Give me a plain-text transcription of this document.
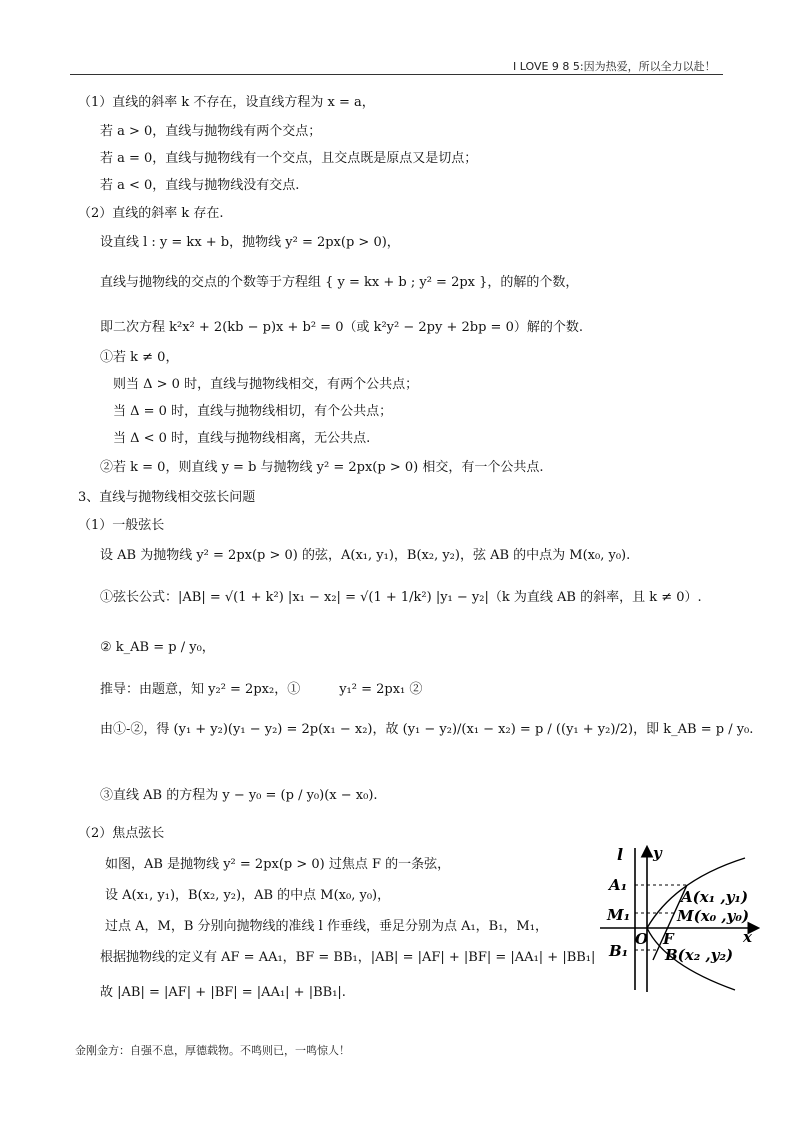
I LOVE 9 8 5:因为热爱，所以全力以赴！
（1）直线的斜率 k 不存在，设直线方程为 x = a，
若 a > 0，直线与抛物线有两个交点；
若 a = 0，直线与抛物线有一个交点，且交点既是原点又是切点；
若 a < 0，直线与抛物线没有交点.
（2）直线的斜率 k 存在.
设直线 l : y = kx + b，抛物线 y² = 2px(p > 0)，
直线与抛物线的交点的个数等于方程组 { y = kx + b ; y² = 2px }，的解的个数，
即二次方程 k²x² + 2(kb − p)x + b² = 0（或 k²y² − 2py + 2bp = 0）解的个数.
①若 k ≠ 0，
则当 Δ > 0 时，直线与抛物线相交，有两个公共点；
当 Δ = 0 时，直线与抛物线相切，有个公共点；
当 Δ < 0 时，直线与抛物线相离，无公共点.
②若 k = 0，则直线 y = b 与抛物线 y² = 2px(p > 0) 相交，有一个公共点.
3、直线与抛物线相交弦长问题
（1）一般弦长
设 AB 为抛物线 y² = 2px(p > 0) 的弦，A(x₁, y₁)，B(x₂, y₂)，弦 AB 的中点为 M(x₀, y₀).
①弦长公式：|AB| = √(1 + k²) |x₁ − x₂| = √(1 + 1/k²) |y₁ − y₂|（k 为直线 AB 的斜率，且 k ≠ 0）.
② k_AB = p / y₀，
推导：由题意，知 y₂² = 2px₂，①　　　y₁² = 2px₁ ②
由①-②，得 (y₁ + y₂)(y₁ − y₂) = 2p(x₁ − x₂)，故 (y₁ − y₂)/(x₁ − x₂) = p / ((y₁ + y₂)/2)，即 k_AB = p / y₀.
③直线 AB 的方程为 y − y₀ = (p / y₀)(x − x₀).
（2）焦点弦长
如图，AB 是抛物线 y² = 2px(p > 0) 过焦点 F 的一条弦，
设 A(x₁, y₁)，B(x₂, y₂)，AB 的中点 M(x₀, y₀)，
过点 A，M，B 分别向抛物线的准线 l 作垂线，垂足分别为点 A₁，B₁，M₁，
根据抛物线的定义有 AF = AA₁，BF = BB₁，|AB| = |AF| + |BF| = |AA₁| + |BB₁|
故 |AB| = |AF| + |BF| = |AA₁| + |BB₁|.
l y
x
O F
A₁
M₁
B₁
A(x₁ ,y₁)
M(x₀ ,y₀)
B(x₂ ,y₂)
金刚金方：自强不息，厚德载物。不鸣则已，一鸣惊人！
